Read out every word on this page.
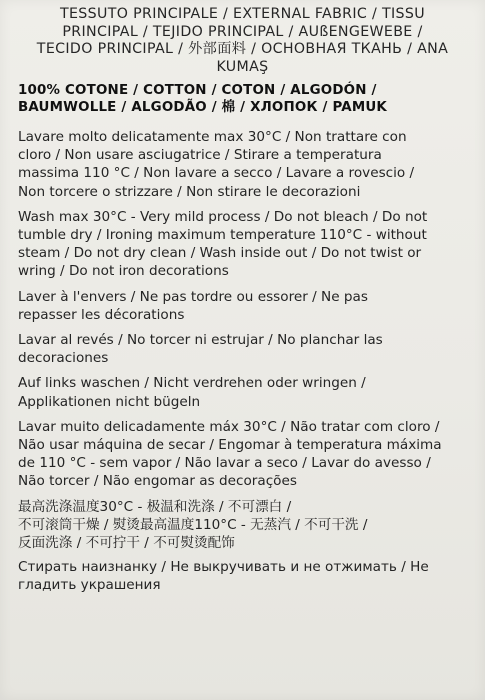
TESSUTO PRINCIPALE / EXTERNAL FABRIC / TISSU
PRINCIPAL / TEJIDO PRINCIPAL / AUßENGEWEBE /
TECIDO PRINCIPAL / 外部面料 / ОСНОВНАЯ ТКАНЬ / ANA
KUMAŞ
100% COTONE / COTTON / COTON / ALGODÓN /
BAUMWOLLE / ALGODÃO / 棉 / ХЛОПОК / PAMUK
Lavare molto delicatamente max 30°C / Non trattare con
cloro / Non usare asciugatrice / Stirare a temperatura
massima 110 °C / Non lavare a secco / Lavare a rovescio /
Non torcere o strizzare / Non stirare le decorazioni
Wash max 30°C - Very mild process / Do not bleach / Do not
tumble dry / Ironing maximum temperature 110°C - without
steam / Do not dry clean / Wash inside out / Do not twist or
wring / Do not iron decorations
Laver à l'envers / Ne pas tordre ou essorer / Ne pas
repasser les décorations
Lavar al revés / No torcer ni estrujar / No planchar las
decoraciones
Auf links waschen / Nicht verdrehen oder wringen /
Applikationen nicht bügeln
Lavar muito delicadamente máx 30°C / Não tratar com cloro /
Não usar máquina de secar / Engomar à temperatura máxima
de 110 °C - sem vapor / Não lavar a seco / Lavar do avesso /
Não torcer / Não engomar as decorações
最高洗涤温度30°C - 极温和洗涤 / 不可漂白 /
不可滚筒干燥 / 熨烫最高温度110°C - 无蒸汽 / 不可干洗 /
反面洗涤 / 不可拧干 / 不可熨烫配饰
Стирать наизнанку / Не выкручивать и не отжимать / Не
гладить украшения
